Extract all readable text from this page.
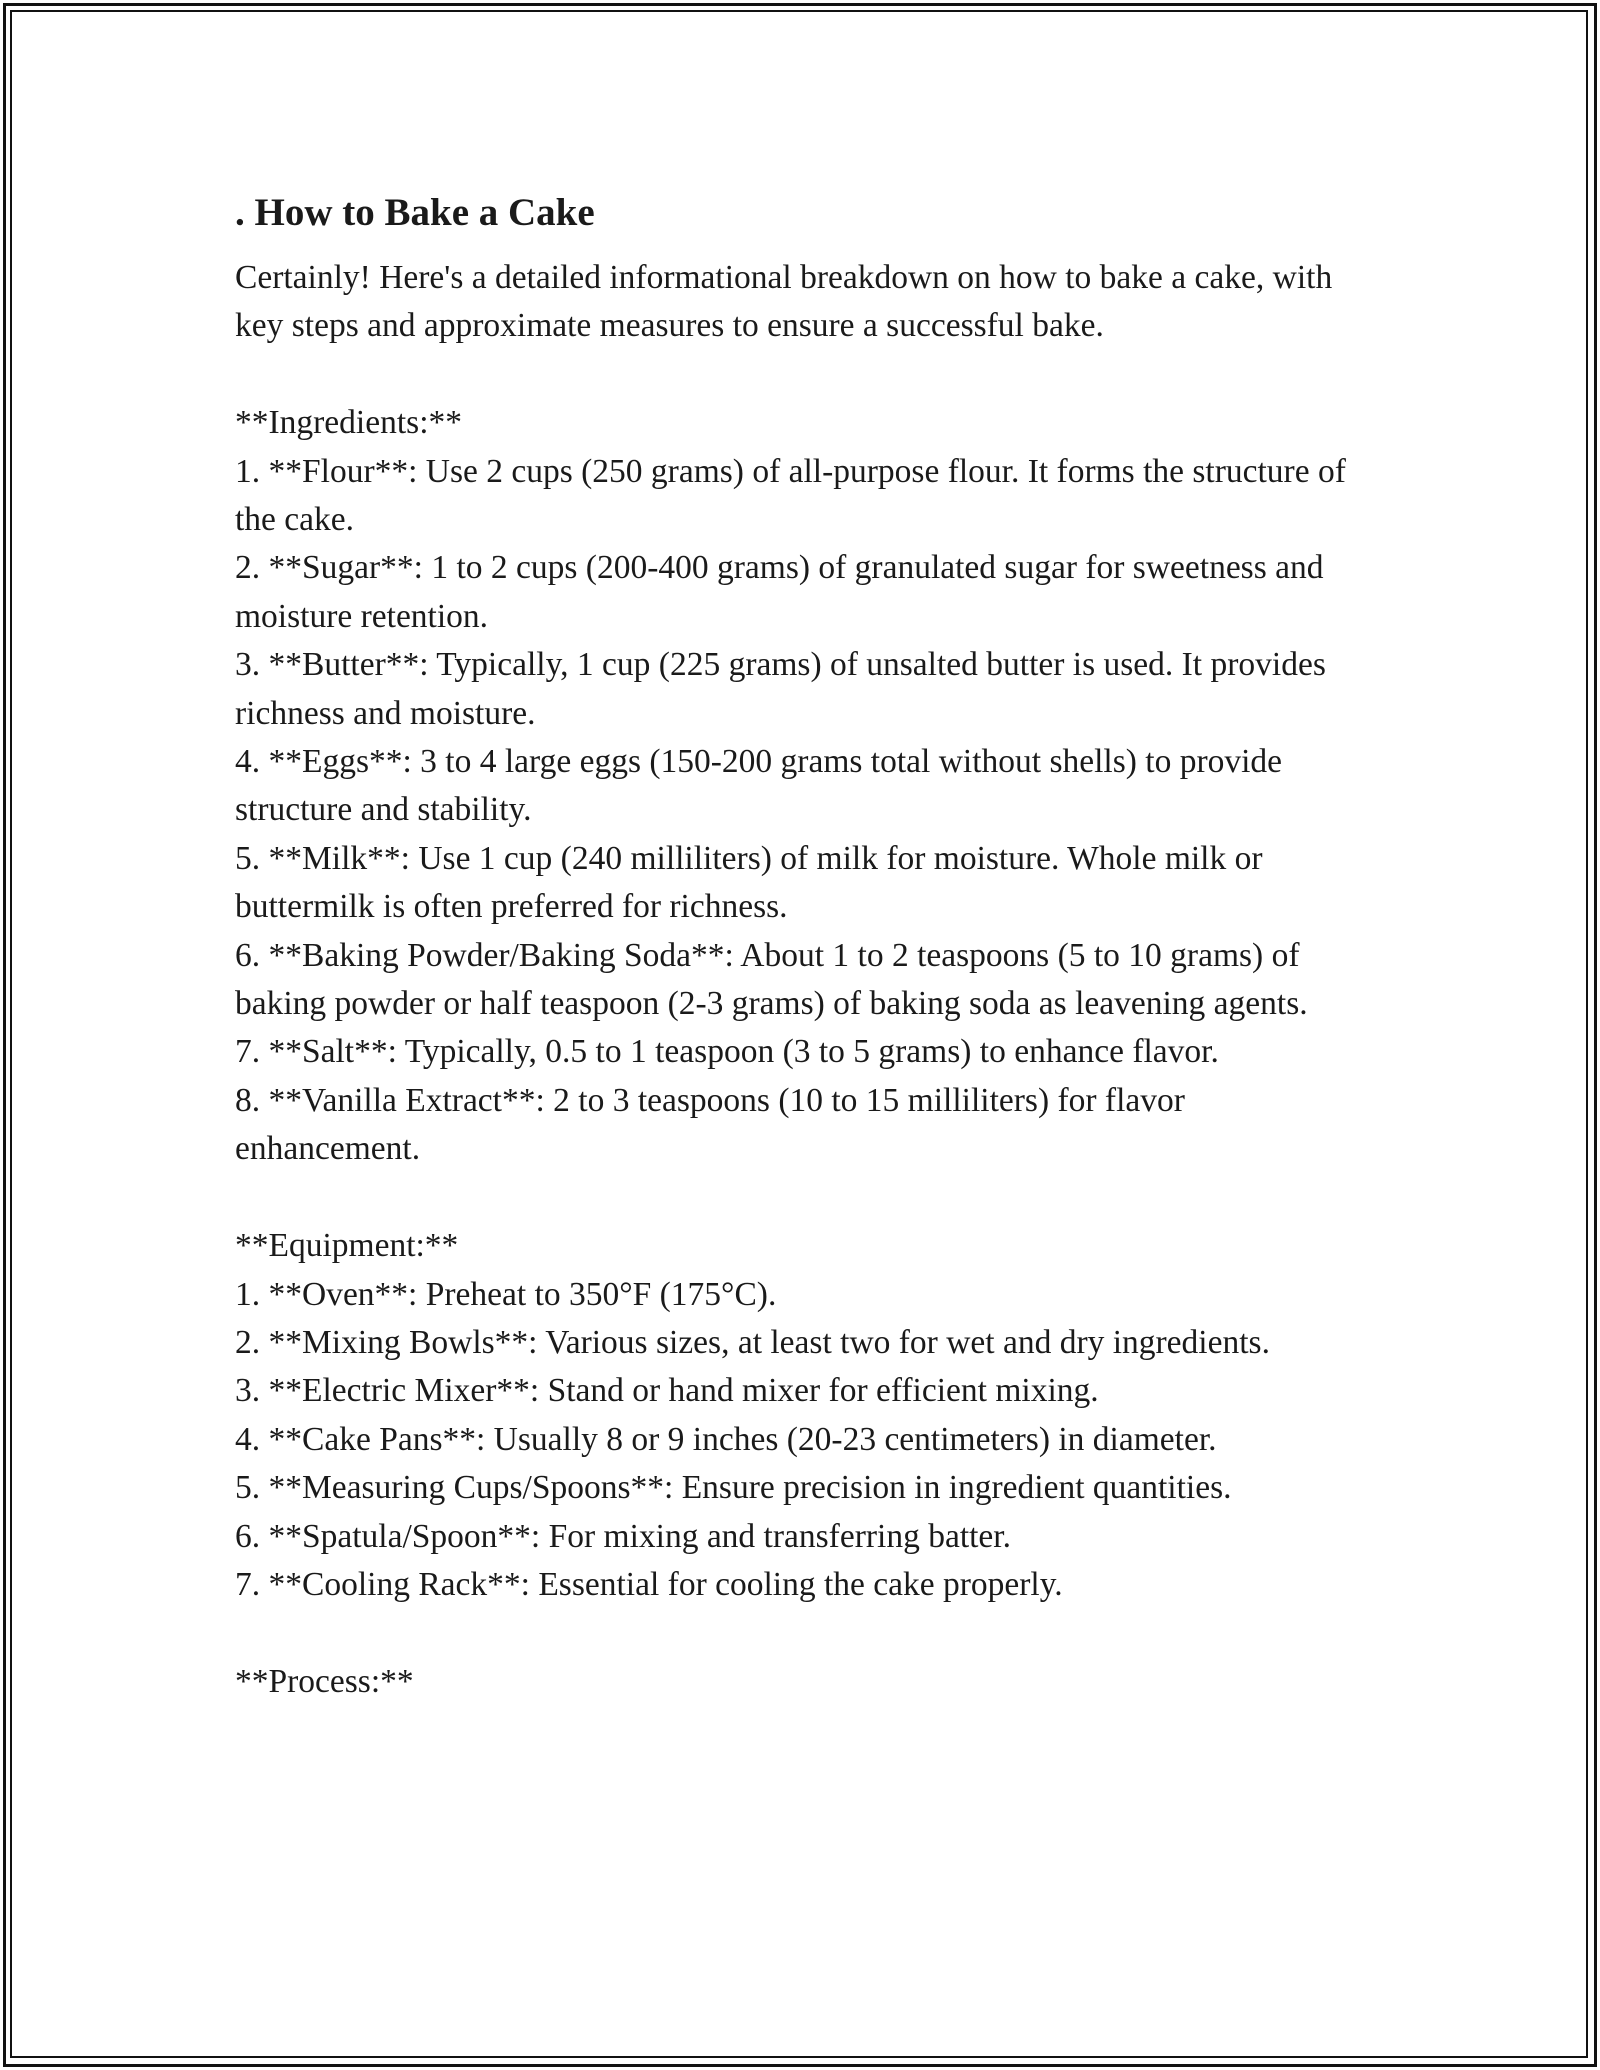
. How to Bake a Cake

Certainly! Here's a detailed informational breakdown on how to bake a cake, with key steps and approximate measures to ensure a successful bake.

**Ingredients:**

1. **Flour**: Use 2 cups (250 grams) of all-purpose flour. It forms the structure of the cake.
2. **Sugar**: 1 to 2 cups (200-400 grams) of granulated sugar for sweetness and moisture retention.
3. **Butter**: Typically, 1 cup (225 grams) of unsalted butter is used. It provides richness and moisture.
4. **Eggs**: 3 to 4 large eggs (150-200 grams total without shells) to provide structure and stability.
5. **Milk**: Use 1 cup (240 milliliters) of milk for moisture. Whole milk or buttermilk is often preferred for richness.
6. **Baking Powder/Baking Soda**: About 1 to 2 teaspoons (5 to 10 grams) of baking powder or half teaspoon (2-3 grams) of baking soda as leavening agents.
7. **Salt**: Typically, 0.5 to 1 teaspoon (3 to 5 grams) to enhance flavor.
8. **Vanilla Extract**: 2 to 3 teaspoons (10 to 15 milliliters) for flavor enhancement.

**Equipment:**

1. **Oven**: Preheat to 350°F (175°C).
2. **Mixing Bowls**: Various sizes, at least two for wet and dry ingredients.
3. **Electric Mixer**: Stand or hand mixer for efficient mixing.
4. **Cake Pans**: Usually 8 or 9 inches (20-23 centimeters) in diameter.
5. **Measuring Cups/Spoons**: Ensure precision in ingredient quantities.
6. **Spatula/Spoon**: For mixing and transferring batter.
7. **Cooling Rack**: Essential for cooling the cake properly.

**Process:**
